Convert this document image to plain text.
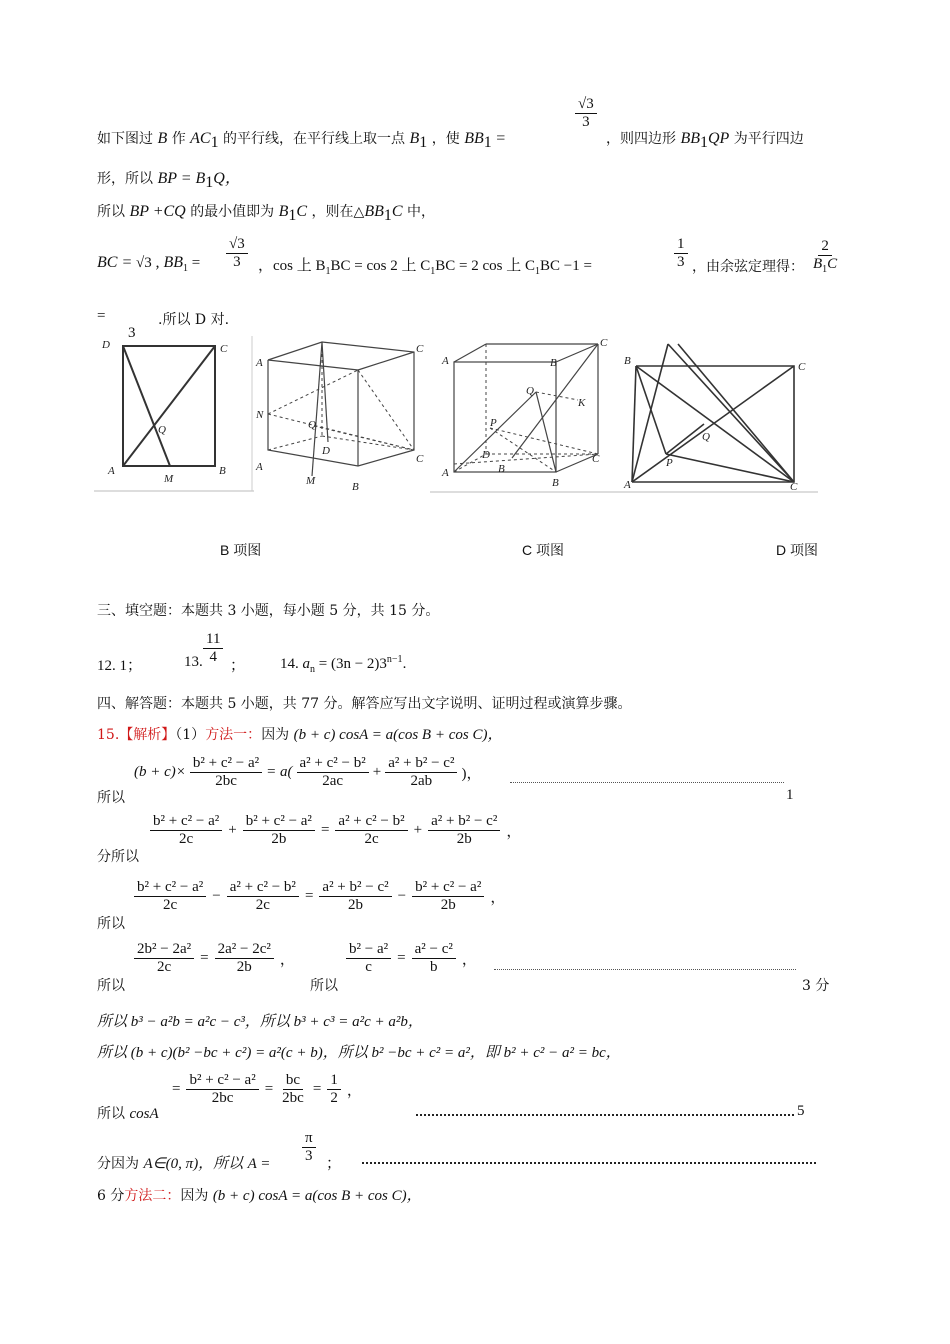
如下图过 B 作 $AC_1$ 的平行线，在平行线上取一点 $B_1$ ，使 $BB_1$ =
$\frac{√3}{3}$
，则四边形 $BB_1QP$ 为平行四边
形，所以 BP = $B_1Q$，
所以 BP +CQ 的最小值即为 $B_1C$ ，则在$\triangle BB_1C$ 中，
BC = √3 , $BB_1 = \frac{√3}{3}$ ，cos 上 $B_1BC = \cos 2$ 上 $C_1BC = 2$ cos 上 $C_1BC -1$ =	$\frac{1}{3}$ ，由余弦定理得： $\frac{2}{B_1C}$
=
3
.所以 D 对.
D	C
A
M
B
Q
A
C
N
Q
D
A
M	B
C
A	B
C
Q
K
P
D
A	B
B
C
B	C
Q
P
A	C
B 项图	C 项图	D 项图
三、填空题：本题共 3 小题，每小题 5 分，共 15 分。
12. 1；	13. $\frac{11}{4}$ ； 14. $a_n = (3n - 2)3^{n-1}$.
四、解答题：本题共 5 小题，共 77 分。解答应写出文字说明、证明过程或演算步骤。
15.【解析】（1）方法一：因为 (b + c) cosA = a(cos B + cos C)，
$(b + c)\times \frac{\text{b² + c² − a²}}{2bc} = a( \frac{\text{a² + c² − b²}}{2ac} + \frac{\text{a² + b² − c²}}{2ab}$ )，
所以	1
$\frac{\text{b² + c² − a²}}{2c} + \frac{\text{b² + c² − a²}}{2b} = \frac{\text{a² + c² − b²}}{2c} + \frac{\text{a² + b² − c²}}{2b}$ ，
分所以
$\frac{\text{b² + c² − a²}}{2c} - \frac{\text{a² + c² − b²}}{2c} = \frac{\text{a² + b² − c²}}{2b} - \frac{\text{b² + c² − a²}}{2b}$ ，
所以
$\frac{\text{2b² − 2a²}}{2c} = \frac{\text{2a² − 2c²}}{2b}$ ，	$\frac{\text{b² − a²}}{c} = \frac{\text{a² − c²}}{b}$ ，
所以	所以	3 分
所以 b³ − a²b = a²c − c³，所以 b³ + c³ = a²c + a²b，
所以 (b + c)(b² −bc + c²) = a²(c + b)，所以 b² −bc + c² = a²，即 b² + c² − a² = bc，
= $\frac{\text{b² + c² − a²}}{2bc} = \frac{bc}{2bc} = \frac{1}{2}$ ，
所以 cosA	5
分因为 A∈(0, π)，所以 $A = \frac{\pi}{3}$ ；
6 分方法二：因为 (b + c) cosA = a(cos B + cos C)，
